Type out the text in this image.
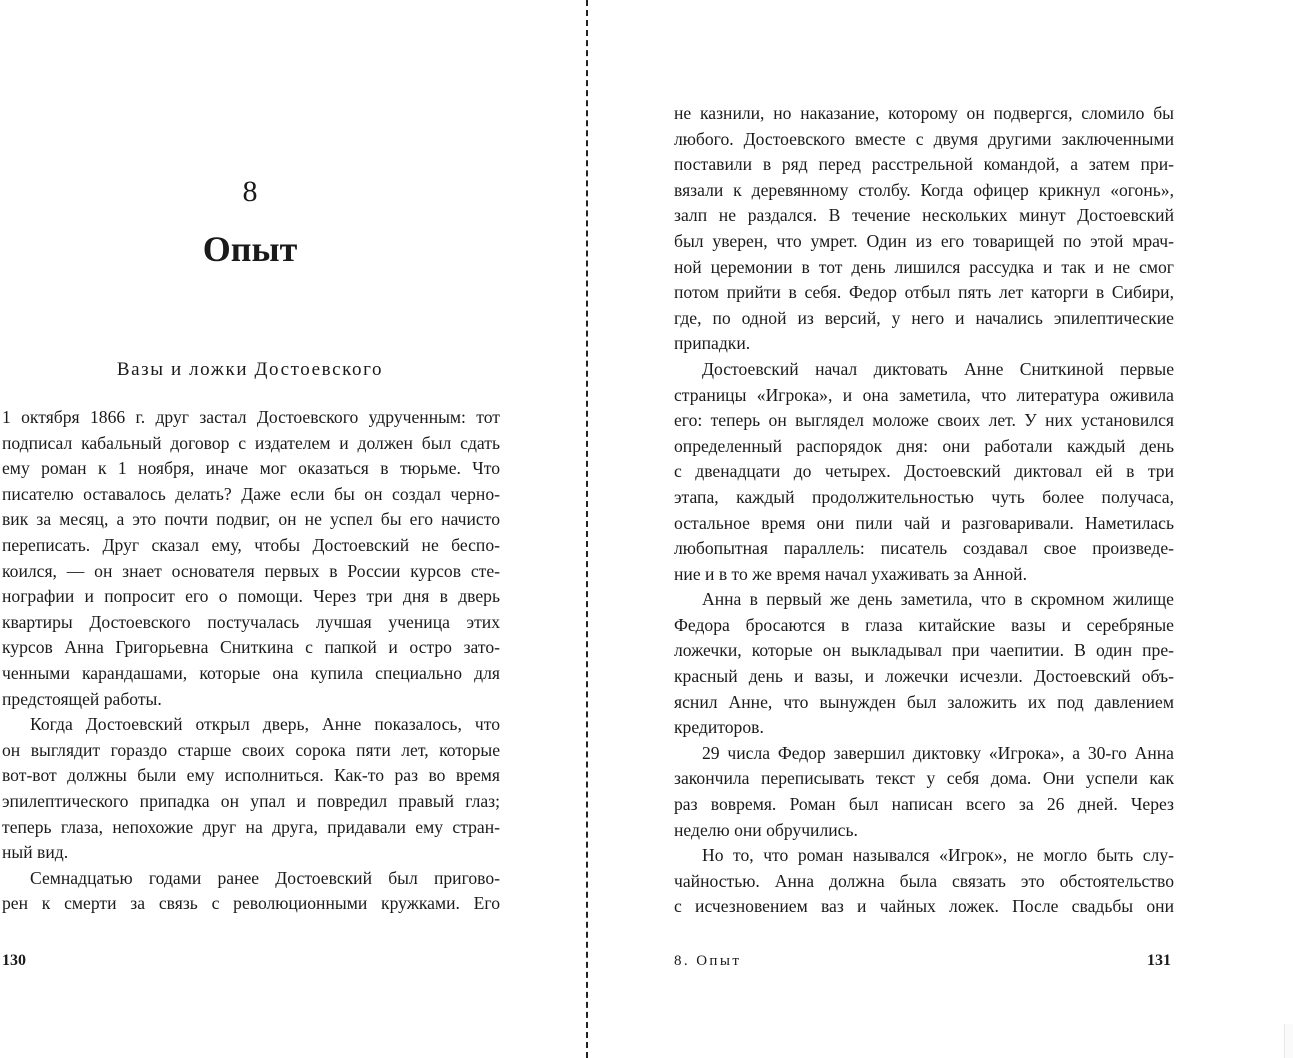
8
Опыт
Вазы и ложки Достоевского
1 октября 1866 г. друг застал Достоевского удрученным: тот
подписал кабальный договор с издателем и должен был сдать
ему роман к 1 ноября, иначе мог оказаться в тюрьме. Что
писателю оставалось делать? Даже если бы он создал черно-
вик за месяц, а это почти подвиг, он не успел бы его начисто
переписать. Друг сказал ему, чтобы Достоевский не беспо-
коился, — он знает основателя первых в России курсов сте-
нографии и попросит его о помощи. Через три дня в дверь
квартиры Достоевского постучалась лучшая ученица этих
курсов Анна Григорьевна Сниткина с папкой и остро зато-
ченными карандашами, которые она купила специально для
предстоящей работы.
Когда Достоевский открыл дверь, Анне показалось, что
он выглядит гораздо старше своих сорока пяти лет, которые
вот-вот должны были ему исполниться. Как-то раз во время
эпилептического припадка он упал и повредил правый глаз;
теперь глаза, непохожие друг на друга, придавали ему стран-
ный вид.
Семнадцатью годами ранее Достоевский был пригово-
рен к смерти за связь с революционными кружками. Его
130
не казнили, но наказание, которому он подвергся, сломило бы
любого. Достоевского вместе с двумя другими заключенными
поставили в ряд перед расстрельной командой, а затем при-
вязали к деревянному столбу. Когда офицер крикнул «огонь»,
залп не раздался. В течение нескольких минут Достоевский
был уверен, что умрет. Один из его товарищей по этой мрач-
ной церемонии в тот день лишился рассудка и так и не смог
потом прийти в себя. Федор отбыл пять лет каторги в Сибири,
где, по одной из версий, у него и начались эпилептические
припадки.
Достоевский начал диктовать Анне Сниткиной первые
страницы «Игрока», и она заметила, что литература оживила
его: теперь он выглядел моложе своих лет. У них установился
определенный распорядок дня: они работали каждый день
с двенадцати до четырех. Достоевский диктовал ей в три
этапа, каждый продолжительностью чуть более получаса,
остальное время они пили чай и разговаривали. Наметилась
любопытная параллель: писатель создавал свое произведе-
ние и в то же время начал ухаживать за Анной.
Анна в первый же день заметила, что в скромном жилище
Федора бросаются в глаза китайские вазы и серебряные
ложечки, которые он выкладывал при чаепитии. В один пре-
красный день и вазы, и ложечки исчезли. Достоевский объ-
яснил Анне, что вынужден был заложить их под давлением
кредиторов.
29 числа Федор завершил диктовку «Игрока», а 30-го Анна
закончила переписывать текст у себя дома. Они успели как
раз вовремя. Роман был написан всего за 26 дней. Через
неделю они обручились.
Но то, что роман назывался «Игрок», не могло быть слу-
чайностью. Анна должна была связать это обстоятельство
с исчезновением ваз и чайных ложек. После свадьбы они
8. Опыт	131
